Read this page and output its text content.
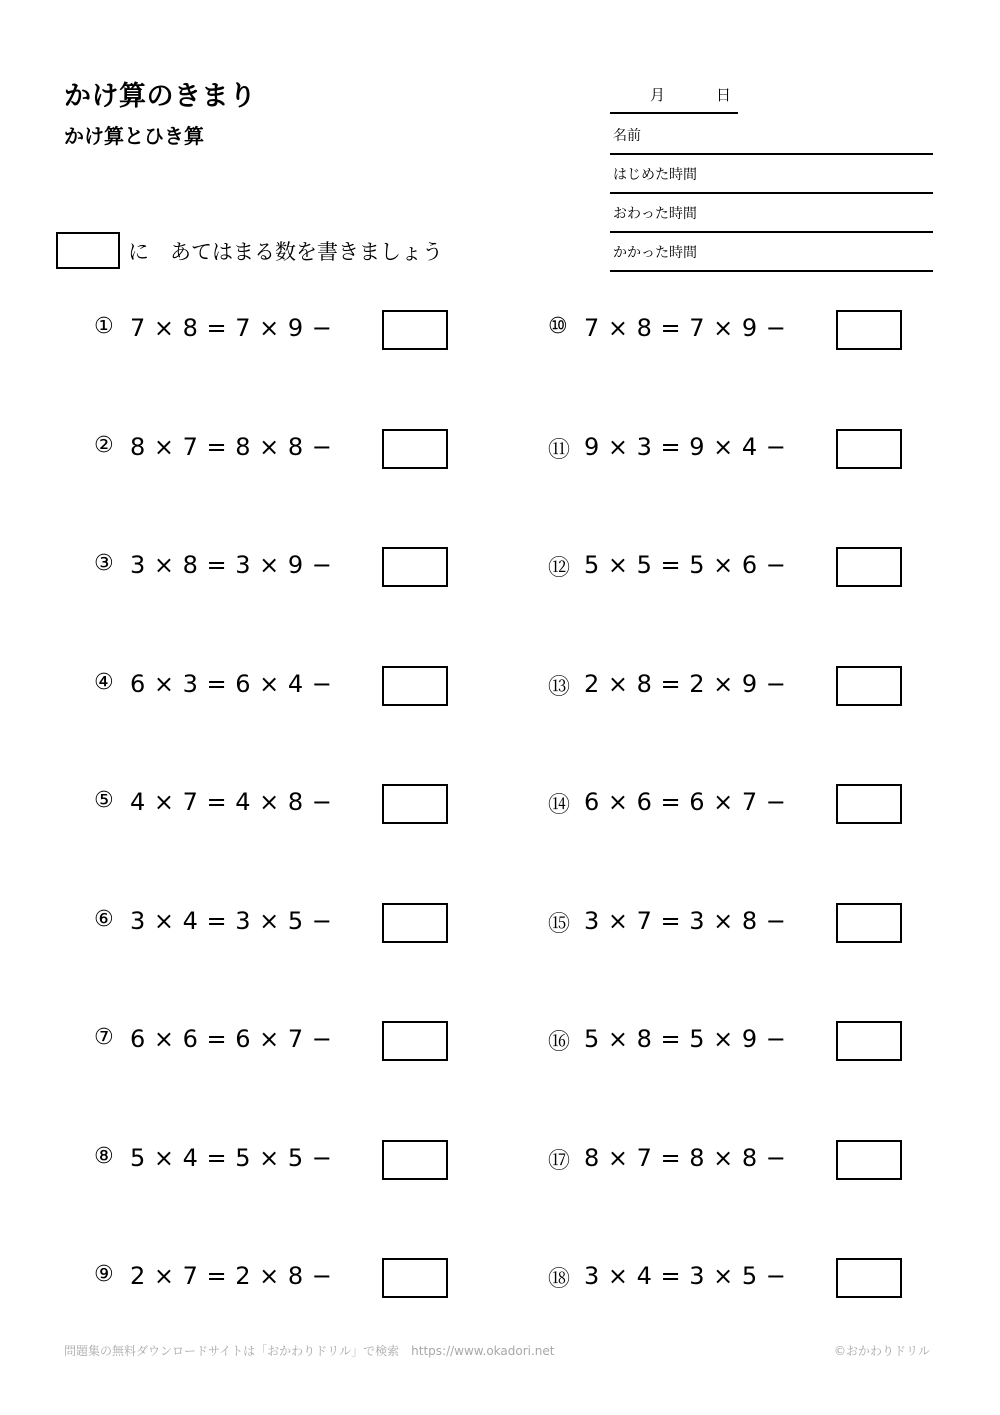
かけ算のきまり
かけ算とひき算
月	日
名前
はじめた時間
おわった時間
かかった時間
に　あてはまる数を書きましょう
① 7 × 8 = 7 × 9 −
② 8 × 7 = 8 × 8 −
③ 3 × 8 = 3 × 9 −
④ 6 × 3 = 6 × 4 −
⑤ 4 × 7 = 4 × 8 −
⑥ 3 × 4 = 3 × 5 −
⑦ 6 × 6 = 6 × 7 −
⑧ 5 × 4 = 5 × 5 −
⑨ 2 × 7 = 2 × 8 −
⑩ 7 × 8 = 7 × 9 −
⑪ 9 × 3 = 9 × 4 −
⑫ 5 × 5 = 5 × 6 −
⑬ 2 × 8 = 2 × 9 −
⑭ 6 × 6 = 6 × 7 −
⑮ 3 × 7 = 3 × 8 −
⑯ 5 × 8 = 5 × 9 −
⑰ 8 × 7 = 8 × 8 −
⑱ 3 × 4 = 3 × 5 −
問題集の無料ダウンロードサイトは「おかわりドリル」で検索　https://www.okadori.net	©おかわりドリル
